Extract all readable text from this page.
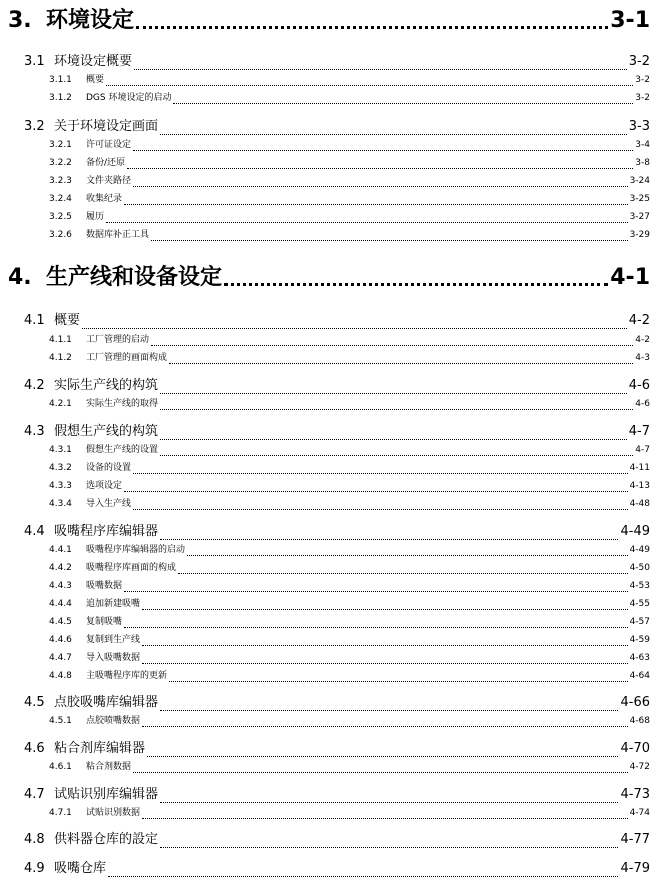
3. 环境设定	3-1
3.1 环境设定概要	3-2
3.1.1	概要	3-2
3.1.2	DGS 环境设定的启动	3-2
3.2 关于环境设定画面	3-3
3.2.1	许可证设定	3-4
3.2.2	备份/还原	3-8
3.2.3	文件夹路径	3-24
3.2.4	收集纪录	3-25
3.2.5	履历	3-27
3.2.6	数据库补正工具	3-29
4. 生产线和设备设定	4-1
4.1 概要	4-2
4.1.1	工厂管理的启动	4-2
4.1.2	工厂管理的画面构成	4-3
4.2 实际生产线的构筑	4-6
4.2.1	实际生产线的取得	4-6
4.3 假想生产线的构筑	4-7
4.3.1	假想生产线的设置	4-7
4.3.2	设备的设置	4-11
4.3.3	选项设定	4-13
4.3.4	导入生产线	4-48
4.4 吸嘴程序库编辑器	4-49
4.4.1	吸嘴程序库编辑器的启动	4-49
4.4.2	吸嘴程序库画面的构成	4-50
4.4.3	吸嘴数据	4-53
4.4.4	追加新建吸嘴	4-55
4.4.5	复制吸嘴	4-57
4.4.6	复制到生产线	4-59
4.4.7	导入吸嘴数据	4-63
4.4.8	主吸嘴程序库的更新	4-64
4.5 点胶吸嘴库编辑器	4-66
4.5.1	点胶喷嘴数据	4-68
4.6 粘合剂库编辑器	4-70
4.6.1	粘合剂数据	4-72
4.7 试贴识别库编辑器	4-73
4.7.1	试贴识别数据	4-74
4.8 供料器仓库的設定	4-77
4.9 吸嘴仓库	4-79
